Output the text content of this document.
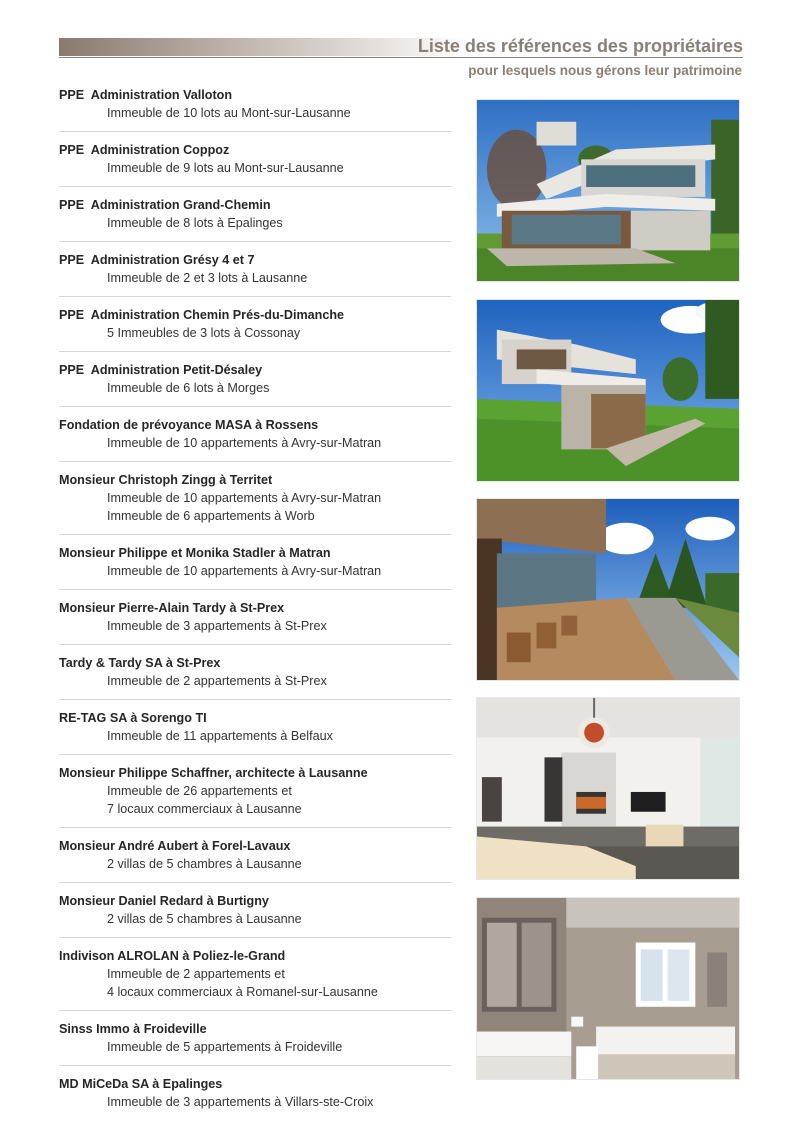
Liste des références des propriétaires
pour lesquels nous gérons leur patrimoine
PPE  Administration Valloton
Immeuble de 10 lots au Mont-sur-Lausanne
PPE  Administration Coppoz
Immeuble de 9 lots au Mont-sur-Lausanne
PPE  Administration Grand-Chemin
Immeuble de 8 lots à Epalinges
PPE  Administration Grésy 4 et 7
Immeuble de 2 et 3 lots à Lausanne
PPE  Administration Chemin Prés-du-Dimanche
5 Immeubles de 3 lots à Cossonay
PPE  Administration Petit-Désaley
Immeuble de 6 lots à Morges
Fondation de prévoyance MASA à Rossens
Immeuble de 10 appartements à Avry-sur-Matran
Monsieur Christoph Zingg à Territet
Immeuble de 10 appartements à Avry-sur-Matran
Immeuble de 6 appartements à Worb
Monsieur Philippe et Monika Stadler à Matran
Immeuble de 10 appartements à Avry-sur-Matran
Monsieur Pierre-Alain Tardy à St-Prex
Immeuble de 3 appartements à St-Prex
Tardy & Tardy SA à St-Prex
Immeuble de 2 appartements à St-Prex
RE-TAG SA à Sorengo TI
Immeuble de 11 appartements à Belfaux
Monsieur Philippe Schaffner, architecte à Lausanne
Immeuble de 26 appartements et
7 locaux commerciaux à Lausanne
Monsieur André Aubert à Forel-Lavaux
2 villas de 5 chambres à Lausanne
Monsieur Daniel Redard à Burtigny
2 villas de 5 chambres à Lausanne
Indivison ALROLAN à Poliez-le-Grand
Immeuble de 2 appartements et
4 locaux commerciaux à Romanel-sur-Lausanne
Sinss Immo à Froideville
Immeuble de 5 appartements à Froideville
MD MiCeDa SA à Epalinges
Immeuble de 3 appartements à Villars-ste-Croix
